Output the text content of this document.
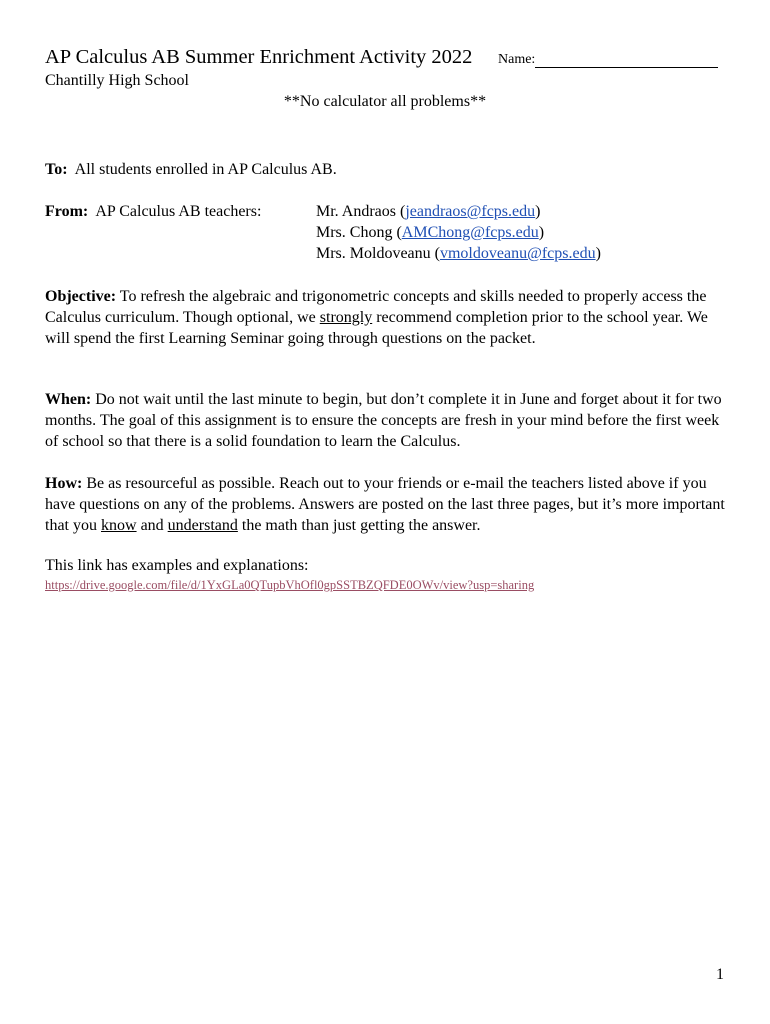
AP Calculus AB Summer Enrichment Activity 2022 Name:
Chantilly High School
**No calculator all problems**
To: All students enrolled in AP Calculus AB.
From: AP Calculus AB teachers:	Mr. Andraos (jeandraos@fcps.edu)
Mrs. Chong (AMChong@fcps.edu)
Mrs. Moldoveanu (vmoldoveanu@fcps.edu)
Objective: To refresh the algebraic and trigonometric concepts and skills needed to properly access the Calculus curriculum. Though optional, we strongly recommend completion prior to the school year. We will spend the first Learning Seminar going through questions on the packet.
When: Do not wait until the last minute to begin, but don’t complete it in June and forget about it for two months. The goal of this assignment is to ensure the concepts are fresh in your mind before the first week of school so that there is a solid foundation to learn the Calculus.
How: Be as resourceful as possible. Reach out to your friends or e-mail the teachers listed above if you have questions on any of the problems. Answers are posted on the last three pages, but it’s more important that you know and understand the math than just getting the answer.
This link has examples and explanations:
https://drive.google.com/file/d/1YxGLa0QTupbVhOfl0gpSSTBZQFDE0OWv/view?usp=sharing
1
